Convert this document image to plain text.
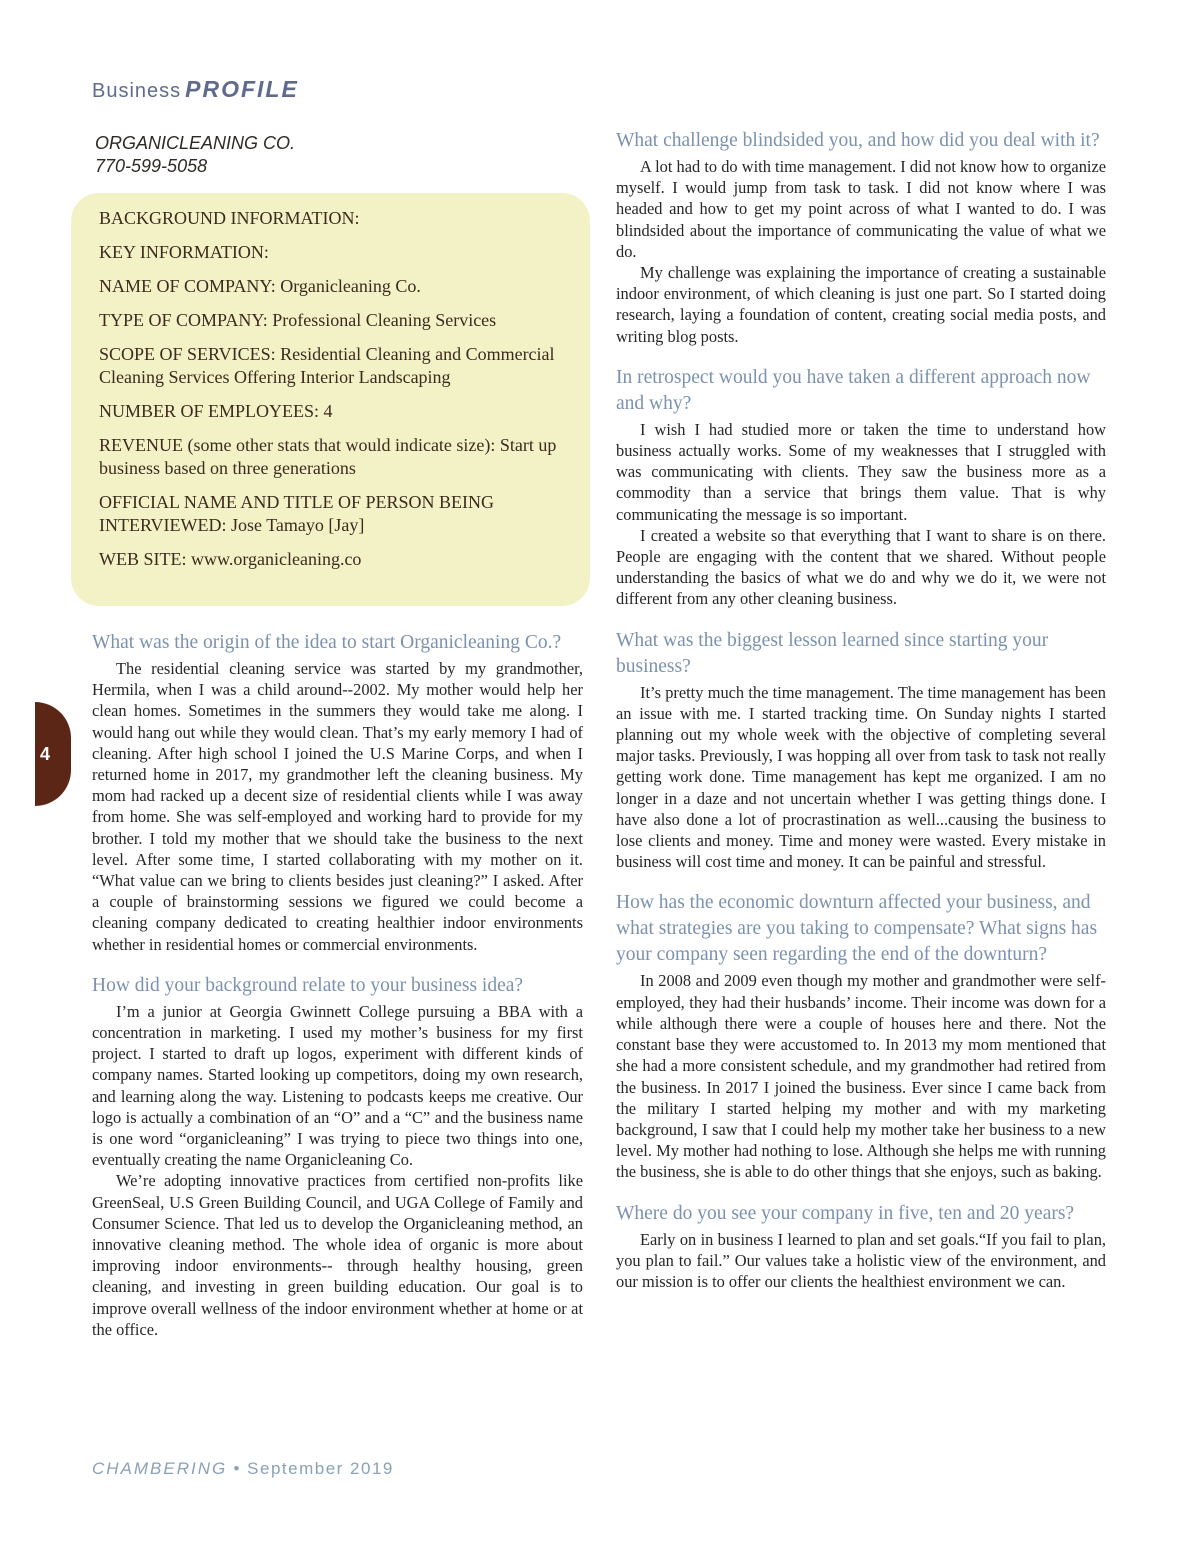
Business PROFILE
ORGANICLEANING CO.
770-599-5058
BACKGROUND INFORMATION:
KEY INFORMATION:
NAME OF COMPANY: Organicleaning Co.
TYPE OF COMPANY: Professional Cleaning Services
SCOPE OF SERVICES: Residential Cleaning and Commercial Cleaning Services Offering Interior Landscaping
NUMBER OF EMPLOYEES: 4
REVENUE (some other stats that would indicate size): Start up business based on three generations
OFFICIAL NAME AND TITLE OF PERSON BEING INTERVIEWED: Jose Tamayo [Jay]
WEB SITE: www.organicleaning.co
4
What was the origin of the idea to start Organicleaning Co.?

The residential cleaning service was started by my grandmother, Hermila, when I was a child around--2002. My mother would help her clean homes. Sometimes in the summers they would take me along. I would hang out while they would clean. That’s my early memory I had of cleaning. After high school I joined the U.S Marine Corps, and when I returned home in 2017, my grandmother left the cleaning business. My mom had racked up a decent size of residential clients while I was away from home. She was self-employed and working hard to provide for my brother. I told my mother that we should take the business to the next level. After some time, I started collaborating with my mother on it. “What value can we bring to clients besides just cleaning?” I asked. After a couple of brainstorming sessions we figured we could become a cleaning company dedicated to creating healthier indoor environments whether in residential homes or commercial environments.

How did your background relate to your business idea?

I’m a junior at Georgia Gwinnett College pursuing a BBA with a concentration in marketing. I used my mother’s business for my first project. I started to draft up logos, experiment with different kinds of company names. Started looking up competitors, doing my own research, and learning along the way. Listening to podcasts keeps me creative. Our logo is actually a combination of an “O” and a “C” and the business name is one word “organicleaning” I was trying to piece two things into one, eventually creating the name Organicleaning Co.

We’re adopting innovative practices from certified non-profits like GreenSeal, U.S Green Building Council, and UGA College of Family and Consumer Science. That led us to develop the Organicleaning method, an innovative cleaning method. The whole idea of organic is more about improving indoor environments-- through healthy housing, green cleaning, and investing in green building education. Our goal is to improve overall wellness of the indoor environment whether at home or at the office.

What challenge blindsided you, and how did you deal with it?

A lot had to do with time management. I did not know how to organize myself. I would jump from task to task. I did not know where I was headed and how to get my point across of what I wanted to do. I was blindsided about the importance of communicating the value of what we do.

My challenge was explaining the importance of creating a sustainable indoor environment, of which cleaning is just one part. So I started doing research, laying a foundation of content, creating social media posts, and writing blog posts.

In retrospect would you have taken a different approach now and why?

I wish I had studied more or taken the time to understand how business actually works. Some of my weaknesses that I struggled with was communicating with clients. They saw the business more as a commodity than a service that brings them value. That is why communicating the message is so important.

I created a website so that everything that I want to share is on there. People are engaging with the content that we shared. Without people understanding the basics of what we do and why we do it, we were not different from any other cleaning business.

What was the biggest lesson learned since starting your business?

It’s pretty much the time management. The time management has been an issue with me. I started tracking time. On Sunday nights I started planning out my whole week with the objective of completing several major tasks. Previously, I was hopping all over from task to task not really getting work done. Time management has kept me organized. I am no longer in a daze and not uncertain whether I was getting things done. I have also done a lot of procrastination as well...causing the business to lose clients and money. Time and money were wasted. Every mistake in business will cost time and money. It can be painful and stressful.

How has the economic downturn affected your business, and what strategies are you taking to compensate? What signs has your company seen regarding the end of the downturn?

In 2008 and 2009 even though my mother and grandmother were self-employed, they had their husbands’ income. Their income was down for a while although there were a couple of houses here and there. Not the constant base they were accustomed to. In 2013 my mom mentioned that she had a more consistent schedule, and my grandmother had retired from the business. In 2017 I joined the business. Ever since I came back from the military I started helping my mother and with my marketing background, I saw that I could help my mother take her business to a new level. My mother had nothing to lose. Although she helps me with running the business, she is able to do other things that she enjoys, such as baking.

Where do you see your company in five, ten and 20 years?

Early on in business I learned to plan and set goals.“If you fail to plan, you plan to fail.” Our values take a holistic view of the environment, and our mission is to offer our clients the healthiest environment we can.

CHAMBERING • September 2019
